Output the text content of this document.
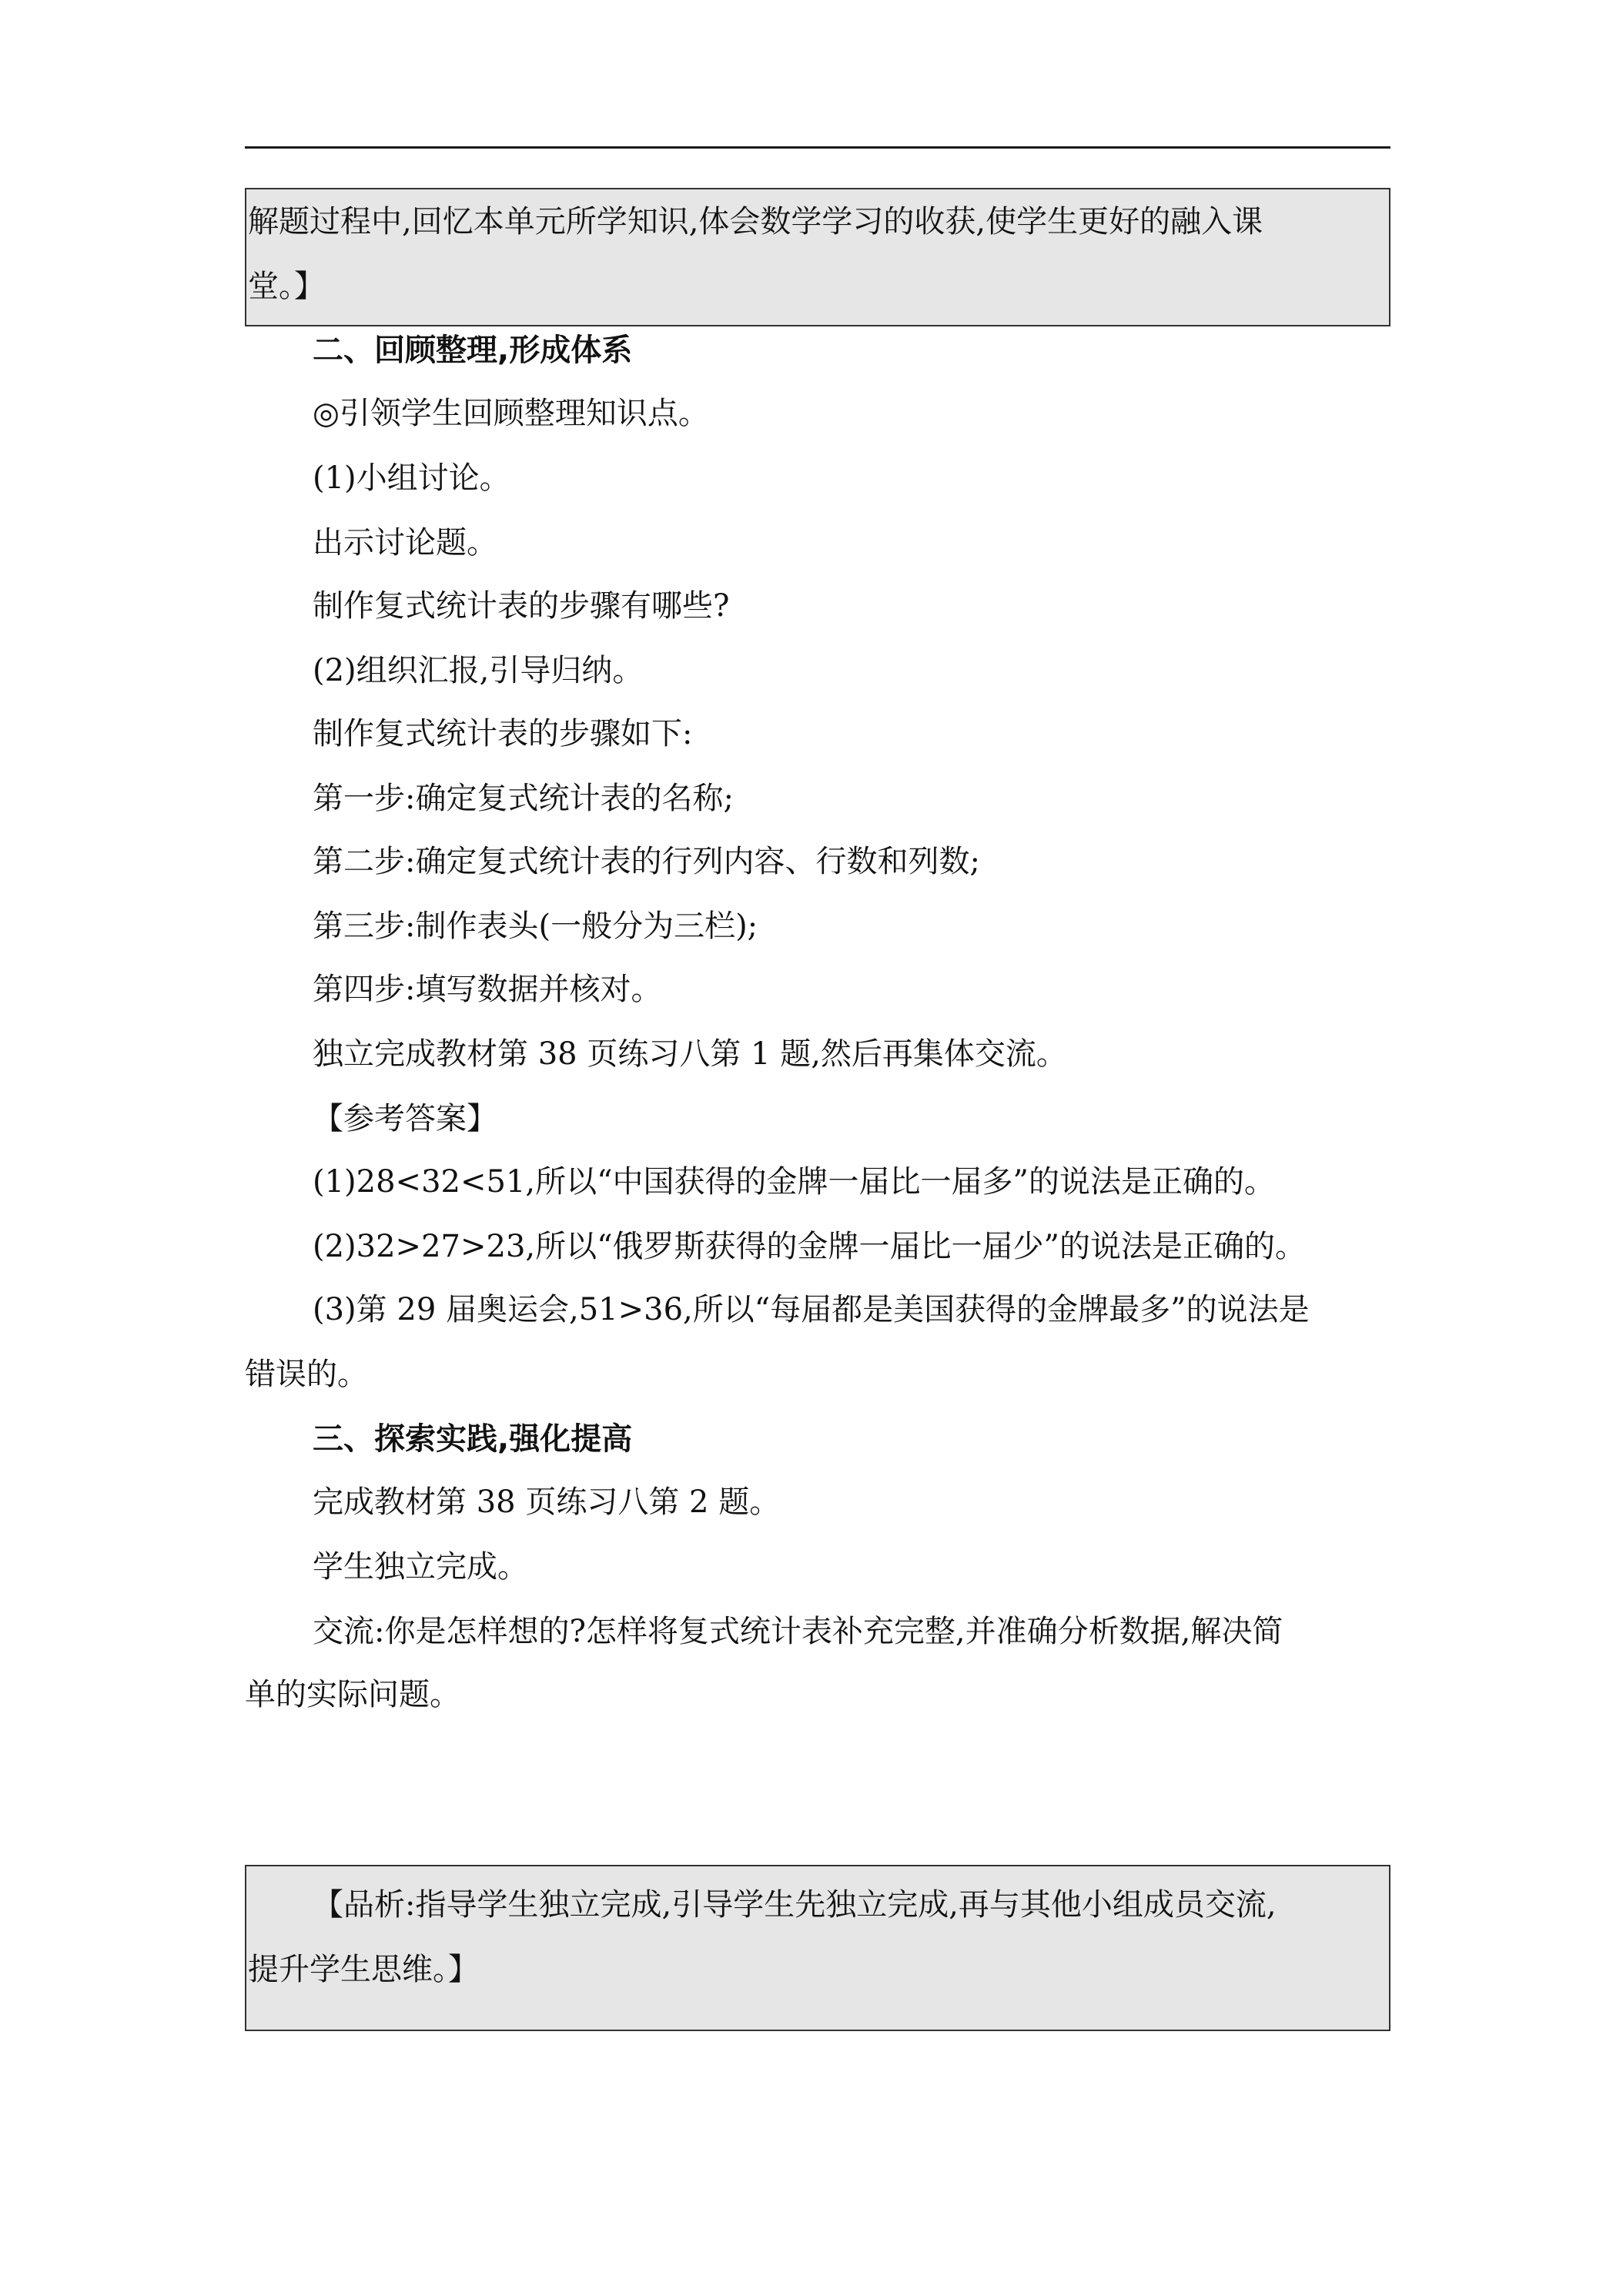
解题过程中,回忆本单元所学知识,体会数学学习的收获,使学生更好的融入课
堂。】
二、回顾整理,形成体系
◎引领学生回顾整理知识点。
(1)小组讨论。
出示讨论题。
制作复式统计表的步骤有哪些?
(2)组织汇报,引导归纳。
制作复式统计表的步骤如下:
第一步:确定复式统计表的名称;
第二步:确定复式统计表的行列内容、行数和列数;
第三步:制作表头(一般分为三栏);
第四步:填写数据并核对。
独立完成教材第 38 页练习八第 1 题,然后再集体交流。
【参考答案】
(1)28<32<51,所以“中国获得的金牌一届比一届多”的说法是正确的。
(2)32>27>23,所以“俄罗斯获得的金牌一届比一届少”的说法是正确的。
(3)第 29 届奥运会,51>36,所以“每届都是美国获得的金牌最多”的说法是
错误的。
三、探索实践,强化提高
完成教材第 38 页练习八第 2 题。
学生独立完成。
交流:你是怎样想的?怎样将复式统计表补充完整,并准确分析数据,解决简
单的实际问题。
【品析:指导学生独立完成,引导学生先独立完成,再与其他小组成员交流,
提升学生思维。】
